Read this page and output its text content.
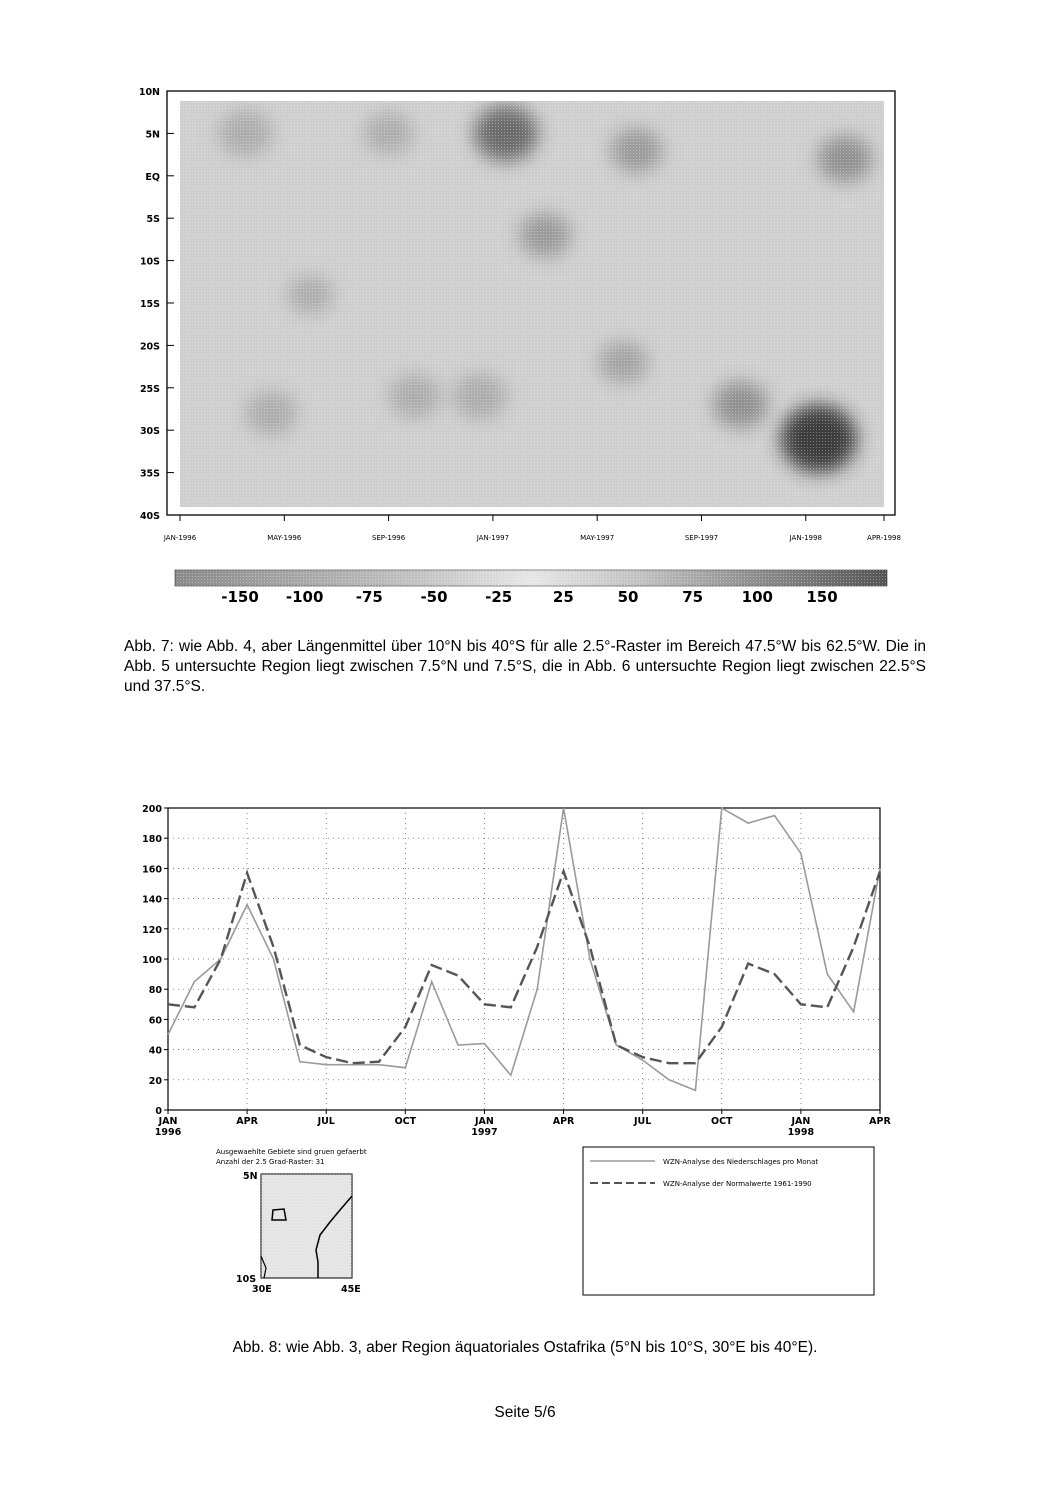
10N
5N
EQ
5S
10S
15S
20S
25S
30S
35S
40S
JAN-1996	MAY-1996	SEP-1996	JAN-1997	MAY-1997	SEP-1997	JAN-1998	APR-1998
-150 -100 -75	-50	-25	25	50	75	100 150
Abb. 7: wie Abb. 4, aber Längenmittel über 10°N bis 40°S für alle 2.5°-Raster im Bereich 47.5°W bis 62.5°W. Die in Abb. 5 untersuchte Region liegt zwischen 7.5°N und 7.5°S, die in Abb. 6 untersuchte Region liegt zwischen 22.5°S und 37.5°S.
0
20
40
60
80
100
120
140
160
180
200
JAN
1996
APR	JUL	OCT	JAN
1997
APR	JUL	OCT	JAN
1998
APR
Ausgewaehlte Gebiete sind gruen gefaerbt
Anzahl der 2.5 Grad-Raster: 31
5N
10S
30E	45E
WZN-Analyse des Niederschlages pro Monat
WZN-Analyse der Normalwerte 1961-1990
Abb. 8: wie Abb. 3, aber Region äquatoriales Ostafrika (5°N bis 10°S, 30°E bis 40°E).
Seite 5/6
